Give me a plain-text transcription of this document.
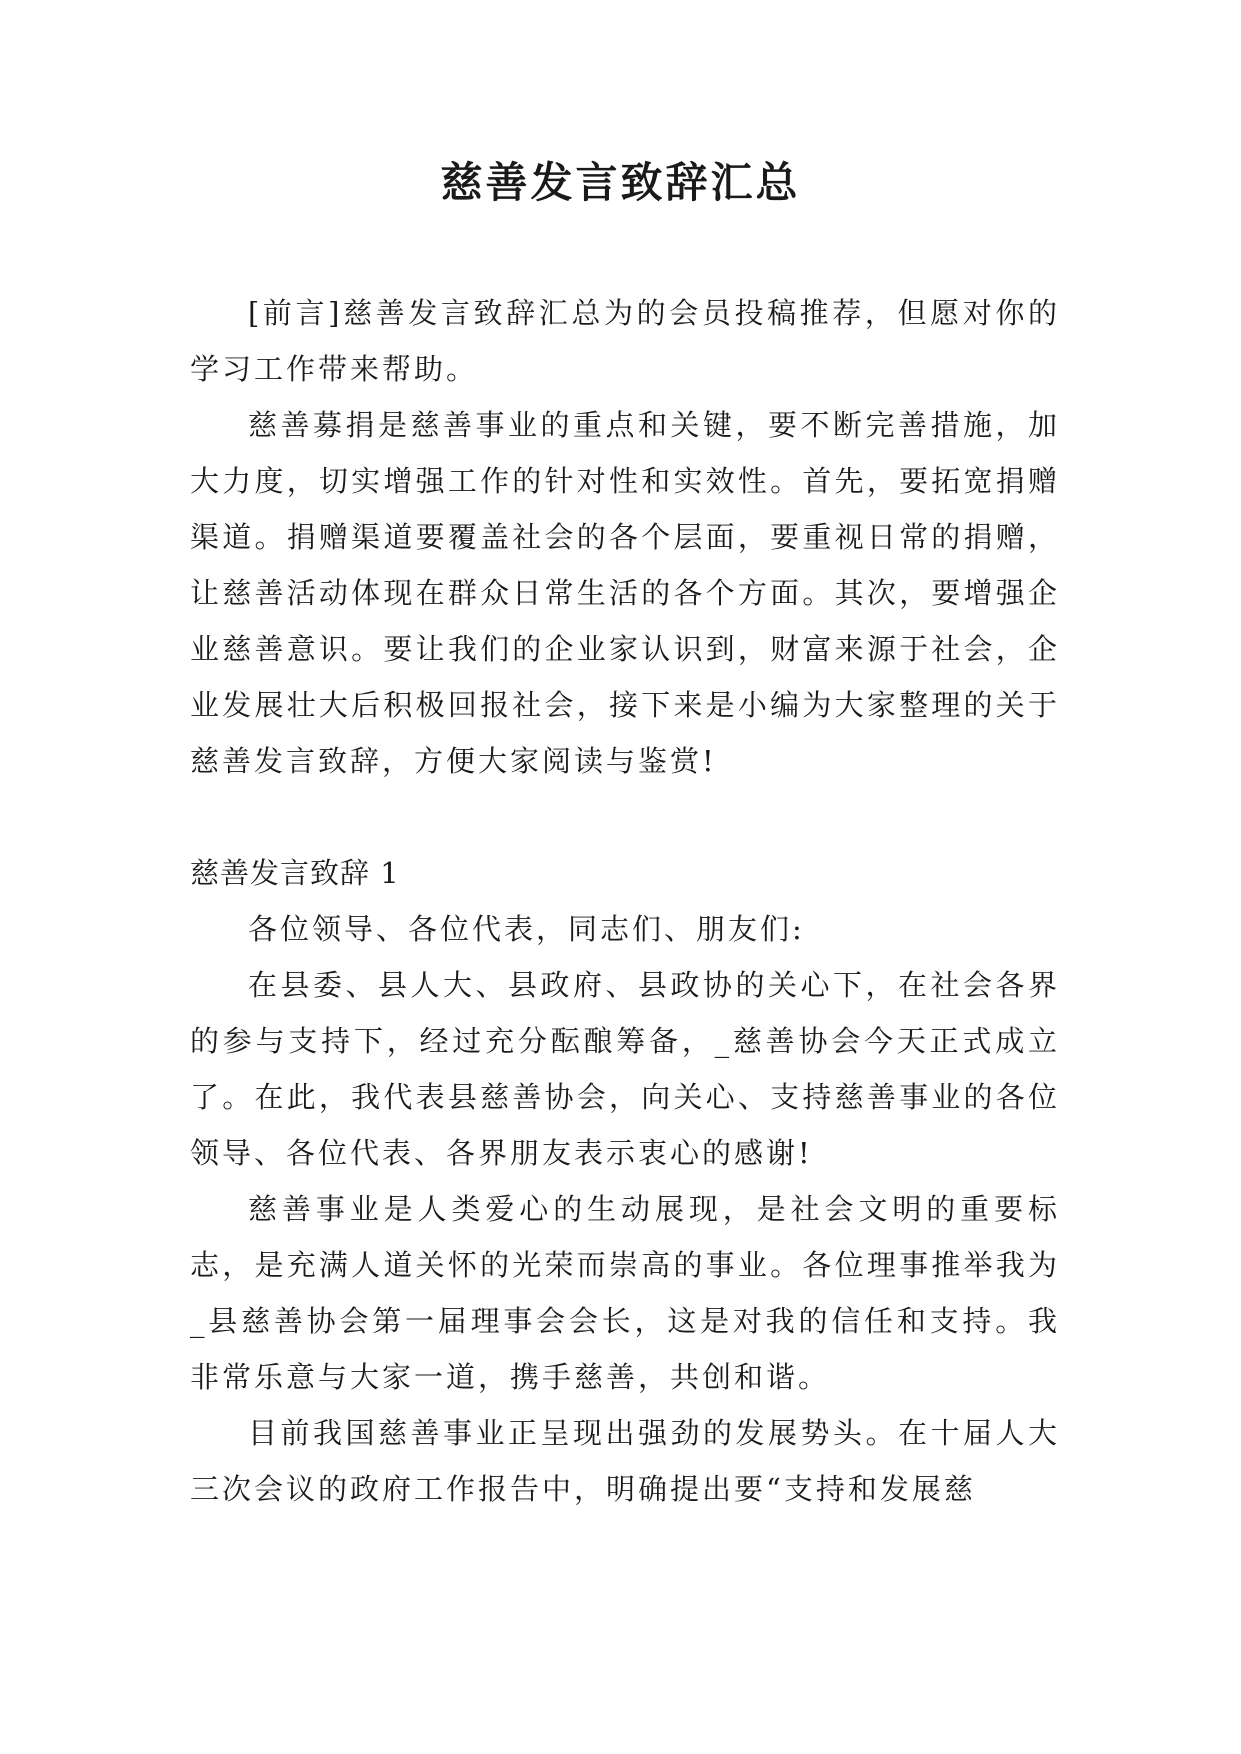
慈善发言致辞汇总

[前言]慈善发言致辞汇总为的会员投稿推荐，但愿对你的学习工作带来帮助。

慈善募捐是慈善事业的重点和关键，要不断完善措施，加大力度，切实增强工作的针对性和实效性。首先，要拓宽捐赠渠道。捐赠渠道要覆盖社会的各个层面，要重视日常的捐赠，让慈善活动体现在群众日常生活的各个方面。其次，要增强企业慈善意识。要让我们的企业家认识到，财富来源于社会，企业发展壮大后积极回报社会，接下来是小编为大家整理的关于慈善发言致辞，方便大家阅读与鉴赏!

慈善发言致辞 1

各位领导、各位代表，同志们、朋友们:

在县委、县人大、县政府、县政协的关心下，在社会各界的参与支持下，经过充分酝酿筹备，_慈善协会今天正式成立了。在此，我代表县慈善协会，向关心、支持慈善事业的各位领导、各位代表、各界朋友表示衷心的感谢!

慈善事业是人类爱心的生动展现，是社会文明的重要标志，是充满人道关怀的光荣而崇高的事业。各位理事推举我为_县慈善协会第一届理事会会长，这是对我的信任和支持。我非常乐意与大家一道，携手慈善，共创和谐。

目前我国慈善事业正呈现出强劲的发展势头。在十届人大三次会议的政府工作报告中，明确提出要“支持和发展慈
